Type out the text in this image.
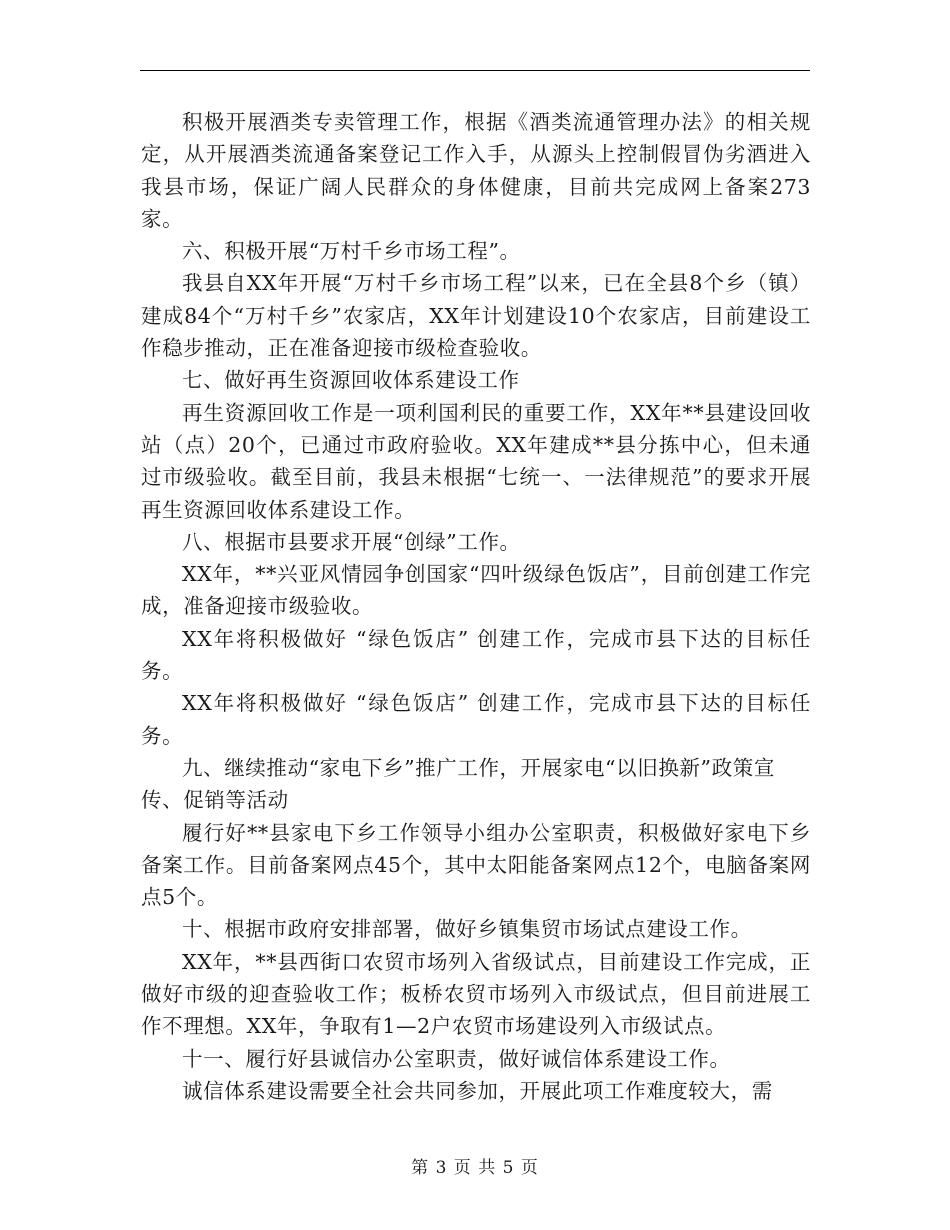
积极开展酒类专卖管理工作，根据《酒类流通管理办法》的相关规定，从开展酒类流通备案登记工作入手，从源头上控制假冒伪劣酒进入我县市场，保证广阔人民群众的身体健康，目前共完成网上备案273家。

六、积极开展“万村千乡市场工程”。

我县自XX年开展“万村千乡市场工程”以来，已在全县8个乡（镇）建成84个“万村千乡”农家店，XX年计划建设10个农家店，目前建设工作稳步推动，正在准备迎接市级检查验收。

七、做好再生资源回收体系建设工作

再生资源回收工作是一项利国利民的重要工作，XX年**县建设回收站（点）20个，已通过市政府验收。XX年建成**县分拣中心，但未通过市级验收。截至目前，我县未根据“七统一、一法律规范”的要求开展再生资源回收体系建设工作。

八、根据市县要求开展“创绿”工作。

XX年，**兴亚风情园争创国家“四叶级绿色饭店”，目前创建工作完成，准备迎接市级验收。

XX年将积极做好 “绿色饭店” 创建工作，完成市县下达的目标任务。

XX年将积极做好 “绿色饭店” 创建工作，完成市县下达的目标任务。

九、继续推动“家电下乡”推广工作，开展家电“以旧换新”政策宣传、促销等活动

履行好**县家电下乡工作领导小组办公室职责，积极做好家电下乡备案工作。目前备案网点45个，其中太阳能备案网点12个，电脑备案网点5个。

十、根据市政府安排部署，做好乡镇集贸市场试点建设工作。

XX年，**县西街口农贸市场列入省级试点，目前建设工作完成，正做好市级的迎查验收工作；板桥农贸市场列入市级试点，但目前进展工作不理想。XX年，争取有1—2户农贸市场建设列入市级试点。

十一、履行好县诚信办公室职责，做好诚信体系建设工作。

诚信体系建设需要全社会共同参加，开展此项工作难度较大，需

第 3 页 共 5 页
